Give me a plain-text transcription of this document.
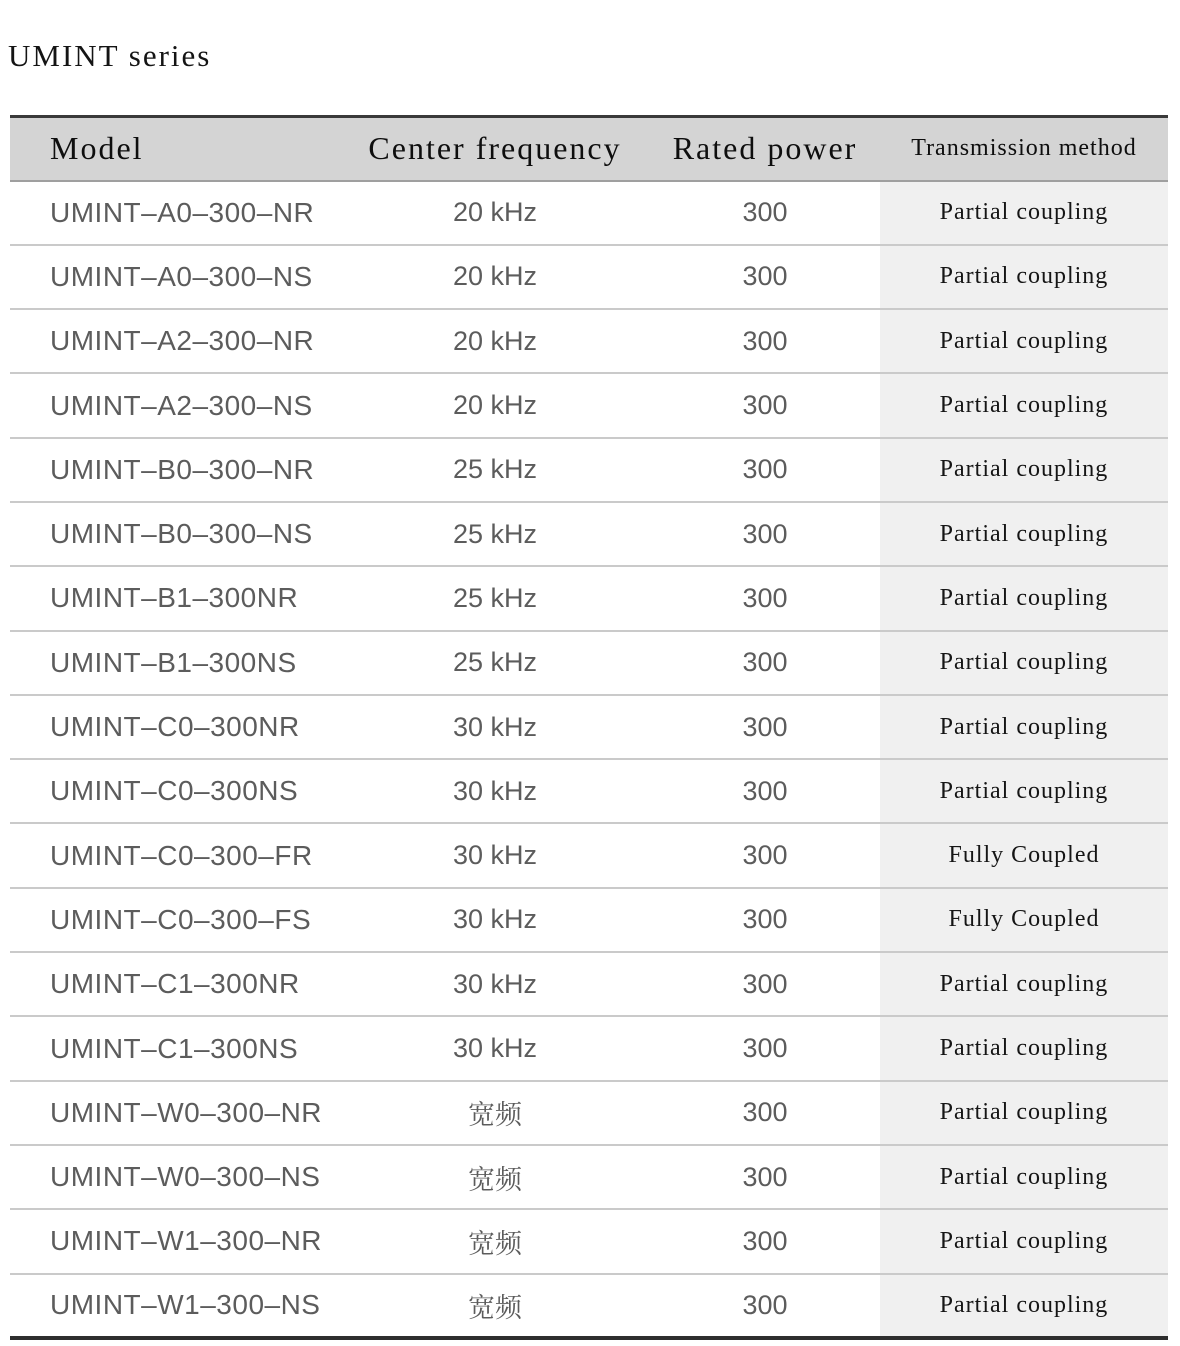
UMINT series
Model	Center frequency	Rated power	Transmission method
UMINT–A0–300–NR	20 kHz	300	Partial coupling
UMINT–A0–300–NS	20 kHz	300	Partial coupling
UMINT–A2–300–NR	20 kHz	300	Partial coupling
UMINT–A2–300–NS	20 kHz	300	Partial coupling
UMINT–B0–300–NR	25 kHz	300	Partial coupling
UMINT–B0–300–NS	25 kHz	300	Partial coupling
UMINT–B1–300NR	25 kHz	300	Partial coupling
UMINT–B1–300NS	25 kHz	300	Partial coupling
UMINT–C0–300NR	30 kHz	300	Partial coupling
UMINT–C0–300NS	30 kHz	300	Partial coupling
UMINT–C0–300–FR	30 kHz	300	Fully Coupled
UMINT–C0–300–FS	30 kHz	300	Fully Coupled
UMINT–C1–300NR	30 kHz	300	Partial coupling
UMINT–C1–300NS	30 kHz	300	Partial coupling
UMINT–W0–300–NR	宽频	300	Partial coupling
UMINT–W0–300–NS	宽频	300	Partial coupling
UMINT–W1–300–NR	宽频	300	Partial coupling
UMINT–W1–300–NS	宽频	300	Partial coupling
